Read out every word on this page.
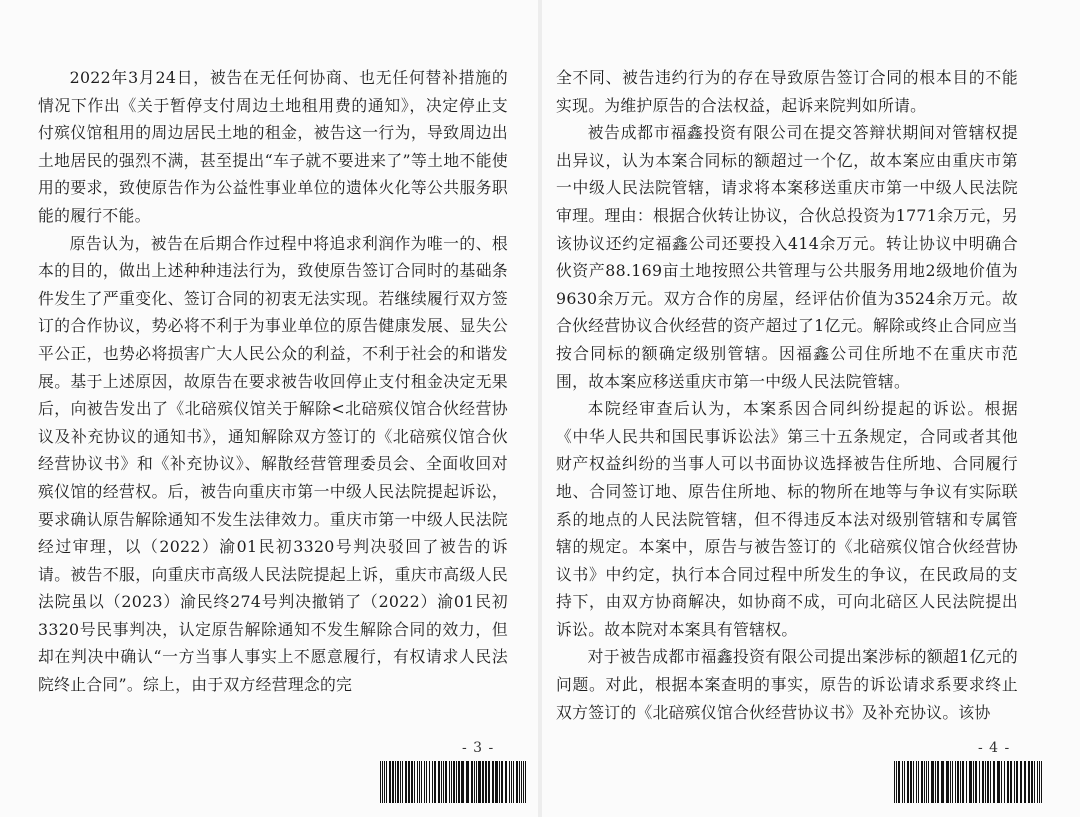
2022年3月24日，被告在无任何协商、也无任何替补措施的情况下作出《关于暂停支付周边土地租用费的通知》，决定停止支付殡仪馆租用的周边居民土地的租金，被告这一行为，导致周边出土地居民的强烈不满，甚至提出“车子就不要进来了”等土地不能使用的要求，致使原告作为公益性事业单位的遗体火化等公共服务职能的履行不能。

原告认为，被告在后期合作过程中将追求利润作为唯一的、根本的目的，做出上述种种违法行为，致使原告签订合同时的基础条件发生了严重变化、签订合同的初衷无法实现。若继续履行双方签订的合作协议，势必将不利于为事业单位的原告健康发展、显失公平公正，也势必将损害广大人民公众的利益，不利于社会的和谐发展。基于上述原因，故原告在要求被告收回停止支付租金决定无果后，向被告发出了《北碚殡仪馆关于解除<北碚殡仪馆合伙经营协议及补充协议的通知书》，通知解除双方签订的《北碚殡仪馆合伙经营协议书》和《补充协议》、解散经营管理委员会、全面收回对殡仪馆的经营权。后，被告向重庆市第一中级人民法院提起诉讼，要求确认原告解除通知不发生法律效力。重庆市第一中级人民法院经过审理，以（2022）渝01民初3320号判决驳回了被告的诉请。被告不服，向重庆市高级人民法院提起上诉，重庆市高级人民法院虽以（2023）渝民终274号判决撤销了（2022）渝01民初3320号民事判决，认定原告解除通知不发生解除合同的效力，但却在判决中确认“一方当事人事实上不愿意履行，有权请求人民法院终止合同”。综上，由于双方经营理念的完

- 3 -

全不同、被告违约行为的存在导致原告签订合同的根本目的不能实现。为维护原告的合法权益，起诉来院判如所请。

被告成都市福鑫投资有限公司在提交答辩状期间对管辖权提出异议，认为本案合同标的额超过一个亿，故本案应由重庆市第一中级人民法院管辖，请求将本案移送重庆市第一中级人民法院审理。理由：根据合伙转让协议，合伙总投资为1771余万元，另该协议还约定福鑫公司还要投入414余万元。转让协议中明确合伙资产88.169亩土地按照公共管理与公共服务用地2级地价值为9630余万元。双方合作的房屋，经评估价值为3524余万元。故合伙经营协议合伙经营的资产超过了1亿元。解除或终止合同应当按合同标的额确定级别管辖。因福鑫公司住所地不在重庆市范围，故本案应移送重庆市第一中级人民法院管辖。

本院经审查后认为，本案系因合同纠纷提起的诉讼。根据《中华人民共和国民事诉讼法》第三十五条规定，合同或者其他财产权益纠纷的当事人可以书面协议选择被告住所地、合同履行地、合同签订地、原告住所地、标的物所在地等与争议有实际联系的地点的人民法院管辖，但不得违反本法对级别管辖和专属管辖的规定。本案中，原告与被告签订的《北碚殡仪馆合伙经营协议书》中约定，执行本合同过程中所发生的争议，在民政局的支持下，由双方协商解决，如协商不成，可向北碚区人民法院提出诉讼。故本院对本案具有管辖权。

对于被告成都市福鑫投资有限公司提出案涉标的额超1亿元的问题。对此，根据本案查明的事实，原告的诉讼请求系要求终止双方签订的《北碚殡仪馆合伙经营协议书》及补充协议。该协

- 4 -
